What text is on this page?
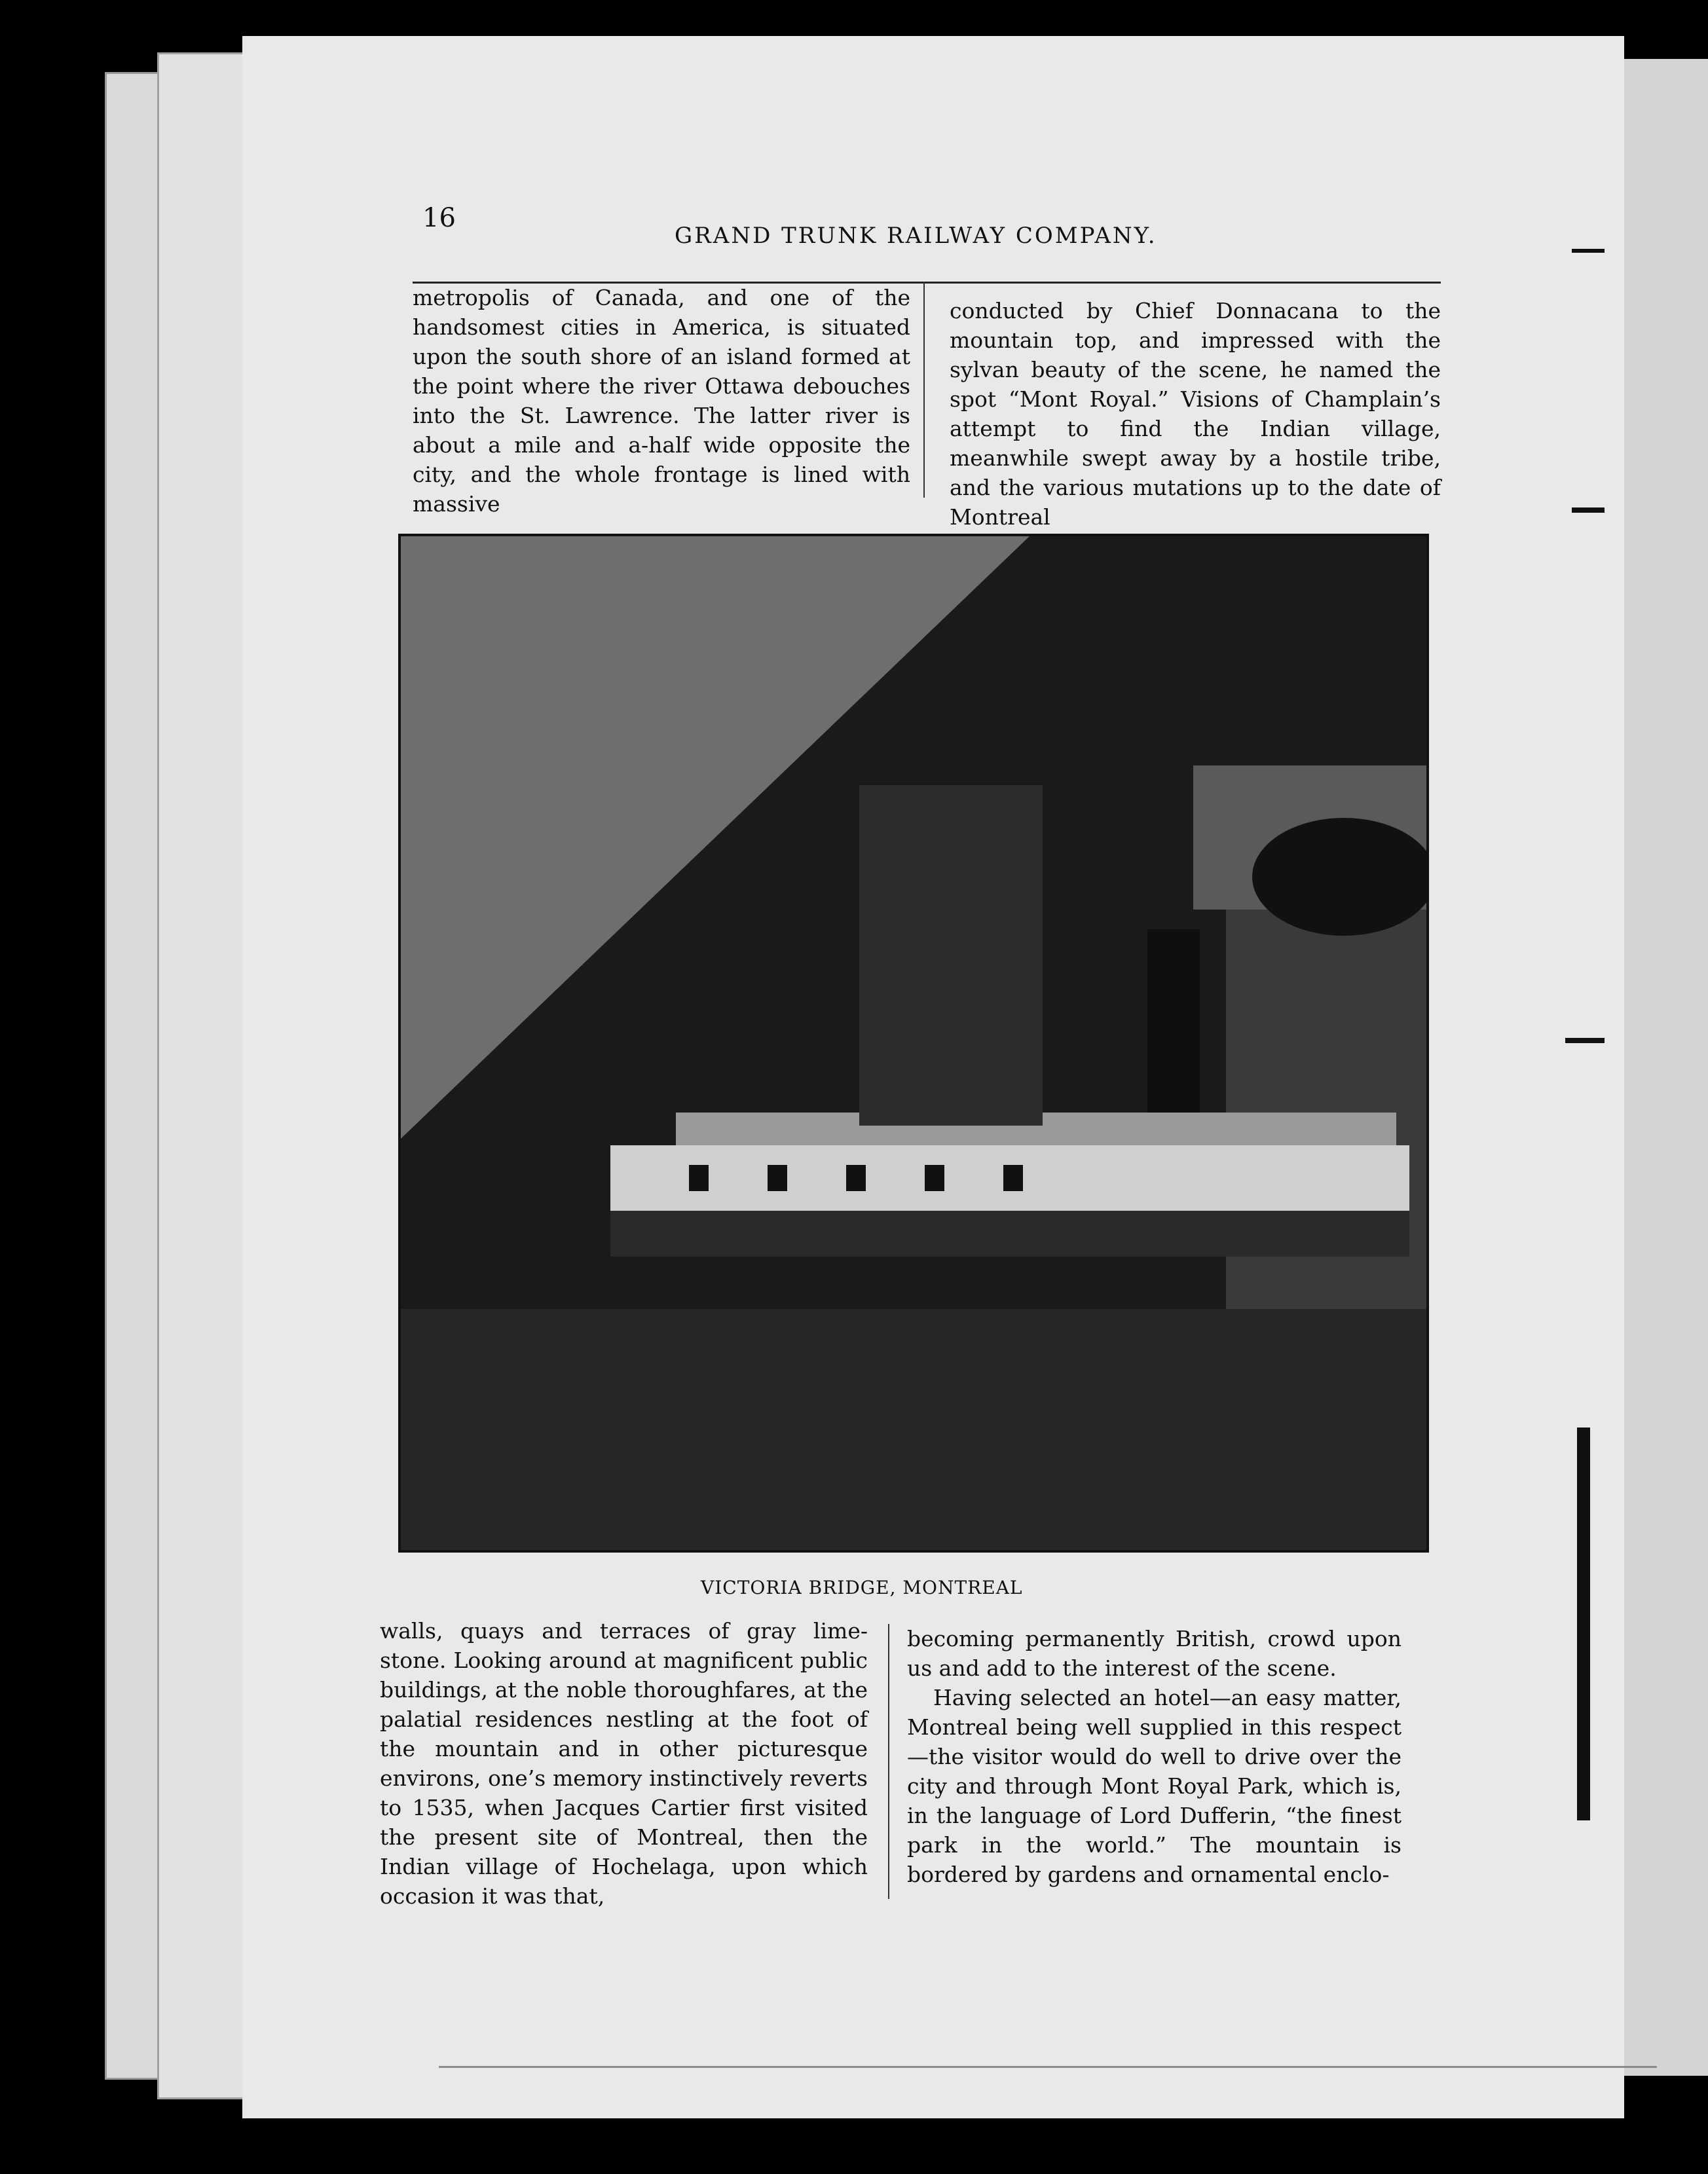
16
GRAND TRUNK RAILWAY COMPANY.

metropolis of Canada, and one of the handsomest cities in America, is situated upon the south shore of an island formed at the point where the river Ottawa debouches into the St. Lawrence. The latter river is about a mile and a-half wide opposite the city, and the whole frontage is lined with massive

conducted by Chief Donnacana to the mountain top, and impressed with the sylvan beauty of the scene, he named the spot “Mont Royal.” Visions of Champlain’s attempt to find the Indian village, meanwhile swept away by a hostile tribe, and the various mutations up to the date of Montreal

VICTORIA BRIDGE, MONTREAL

walls, quays and terraces of gray lime-stone. Looking around at magnificent public buildings, at the noble thoroughfares, at the palatial residences nestling at the foot of the mountain and in other picturesque environs, one’s memory instinctively reverts to 1535, when Jacques Cartier first visited the present site of Montreal, then the Indian village of Hochelaga, upon which occasion it was that,

becoming permanently British, crowd upon us and add to the interest of the scene.

Having selected an hotel—an easy matter, Montreal being well supplied in this respect—the visitor would do well to drive over the city and through Mont Royal Park, which is, in the language of Lord Dufferin, “the finest park in the world.” The mountain is bordered by gardens and ornamental enclo-
